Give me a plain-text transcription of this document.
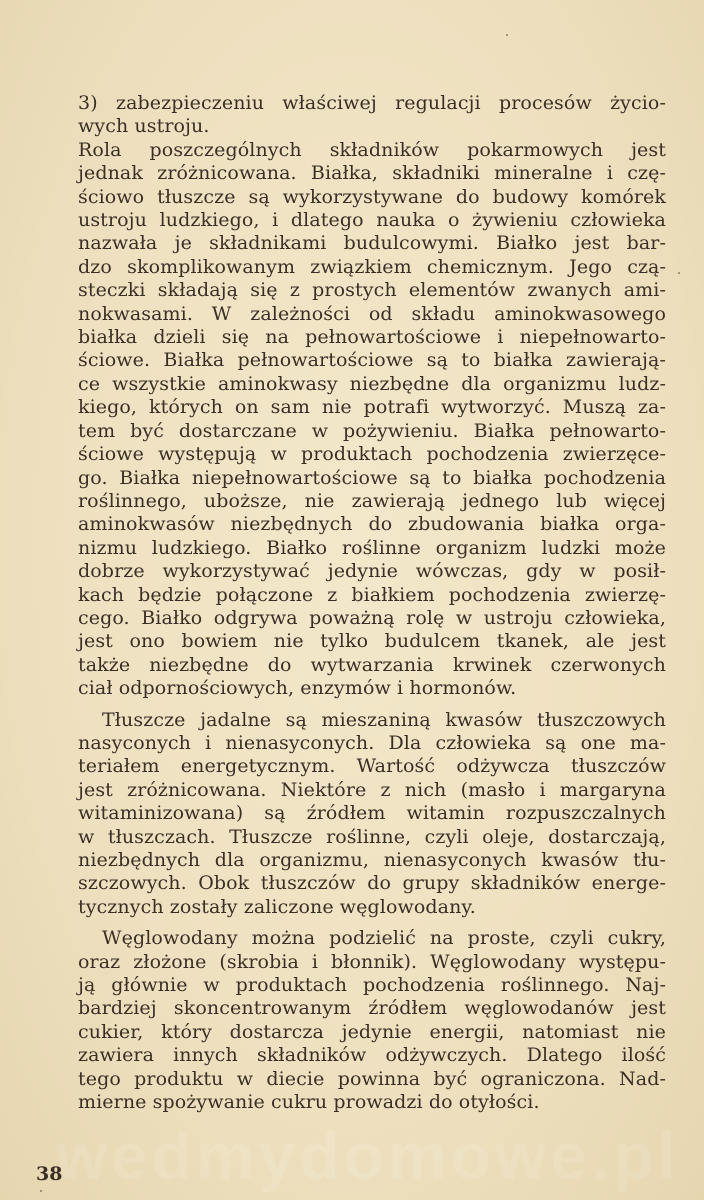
3) zabezpieczeniu właściwej regulacji procesów życio-
wych ustroju.
Rola poszczególnych składników pokarmowych jest
jednak zróżnicowana. Białka, składniki mineralne i czę-
ściowo tłuszcze są wykorzystywane do budowy komórek
ustroju ludzkiego, i dlatego nauka o żywieniu człowieka
nazwała je składnikami budulcowymi. Białko jest bar-
dzo skomplikowanym związkiem chemicznym. Jego czą-
steczki składają się z prostych elementów zwanych ami-
nokwasami. W zależności od składu aminokwasowego
białka dzieli się na pełnowartościowe i niepełnowarto-
ściowe. Białka pełnowartościowe są to białka zawierają-
ce wszystkie aminokwasy niezbędne dla organizmu ludz-
kiego, których on sam nie potrafi wytworzyć. Muszą za-
tem być dostarczane w pożywieniu. Białka pełnowarto-
ściowe występują w produktach pochodzenia zwierzęce-
go. Białka niepełnowartościowe są to białka pochodzenia
roślinnego, uboższe, nie zawierają jednego lub więcej
aminokwasów niezbędnych do zbudowania białka orga-
nizmu ludzkiego. Białko roślinne organizm ludzki może
dobrze wykorzystywać jedynie wówczas, gdy w posił-
kach będzie połączone z białkiem pochodzenia zwierzę-
cego. Białko odgrywa poważną rolę w ustroju człowieka,
jest ono bowiem nie tylko budulcem tkanek, ale jest
także niezbędne do wytwarzania krwinek czerwonych
ciał odpornościowych, enzymów i hormonów.
Tłuszcze jadalne są mieszaniną kwasów tłuszczowych
nasyconych i nienasyconych. Dla człowieka są one ma-
teriałem energetycznym. Wartość odżywcza tłuszczów
jest zróżnicowana. Niektóre z nich (masło i margaryna
witaminizowana) są źródłem witamin rozpuszczalnych
w tłuszczach. Tłuszcze roślinne, czyli oleje, dostarczają,
niezbędnych dla organizmu, nienasyconych kwasów tłu-
szczowych. Obok tłuszczów do grupy składników energe-
tycznych zostały zaliczone węglowodany.
Węglowodany można podzielić na proste, czyli cukry,
oraz złożone (skrobia i błonnik). Węglowodany występu-
ją głównie w produktach pochodzenia roślinnego. Naj-
bardziej skoncentrowanym źródłem węglowodanów jest
cukier, który dostarcza jedynie energii, natomiast nie
zawiera innych składników odżywczych. Dlatego ilość
tego produktu w diecie powinna być ograniczona. Nad-
mierne spożywanie cukru prowadzi do otyłości.
wedmydomowe.pl
38
